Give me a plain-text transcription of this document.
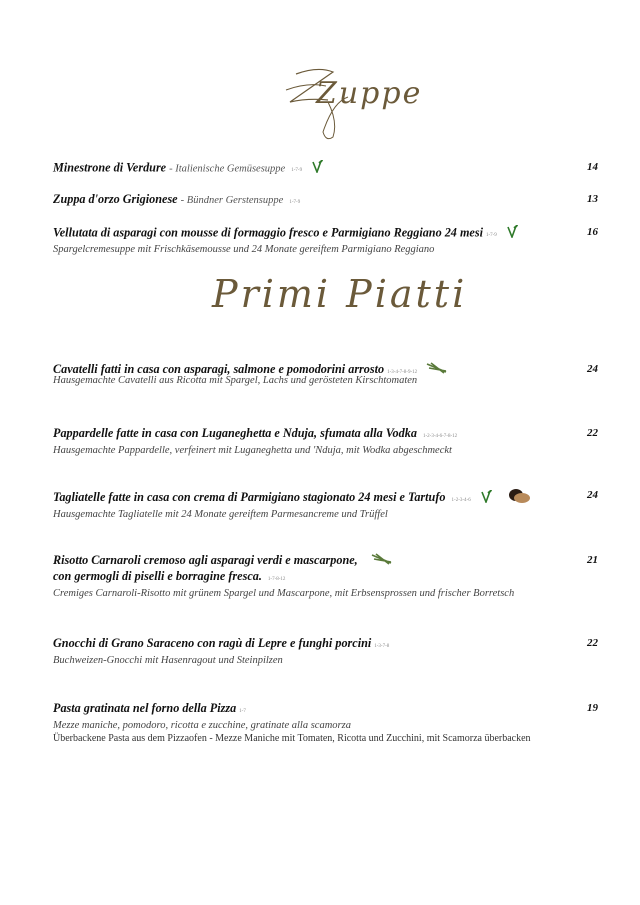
Zuppe
Minestrone di Verdure - Italienische Gemüsesuppe 1-7-9	14
Zuppa d'orzo Grigionese - Bündner Gerstensuppe 1-7-9	13
Vellutata di asparagi con mousse di formaggio fresco e Parmigiano Reggiano 24 mesi 1-7-9	16
Spargelcremesuppe mit Frischkäsemousse und 24 Monate gereiftem Parmigiano Reggiano
Primi Piatti
Cavatelli fatti in casa con asparagi, salmone e pomodorini arrosto 1-3-4-7-8-9-12	24
Hausgemachte Cavatelli aus Ricotta mit Spargel, Lachs und gerösteten Kirschtomaten
Pappardelle fatte in casa con Luganeghetta e Nduja, sfumata alla Vodka 1-2-3-4-6-7-8-12	22
Hausgemachte Pappardelle, verfeinert mit Luganeghetta und 'Nduja, mit Wodka abgeschmeckt
Tagliatelle fatte in casa con crema di Parmigiano stagionato 24 mesi e Tartufo 1-2-3-4-6	24
Hausgemachte Tagliatelle mit 24 Monate gereiftem Parmesancreme und Trüffel
Risotto Carnaroli cremoso agli asparagi verdi e mascarpone,	21
con germogli di piselli e borragine fresca. 1-7-8-12
Cremiges Carnaroli-Risotto mit grünem Spargel und Mascarpone, mit Erbsensprossen und frischer Borretsch
Gnocchi di Grano Saraceno con ragù di Lepre e funghi porcini 1-3-7-8	22
Buchweizen-Gnocchi mit Hasenragout und Steinpilzen
Pasta gratinata nel forno della Pizza 1-7	19
Mezze maniche, pomodoro, ricotta e zucchine, gratinate alla scamorza
Überbackene Pasta aus dem Pizzaofen - Mezze Maniche mit Tomaten, Ricotta und Zucchini, mit Scamorza überbacken
